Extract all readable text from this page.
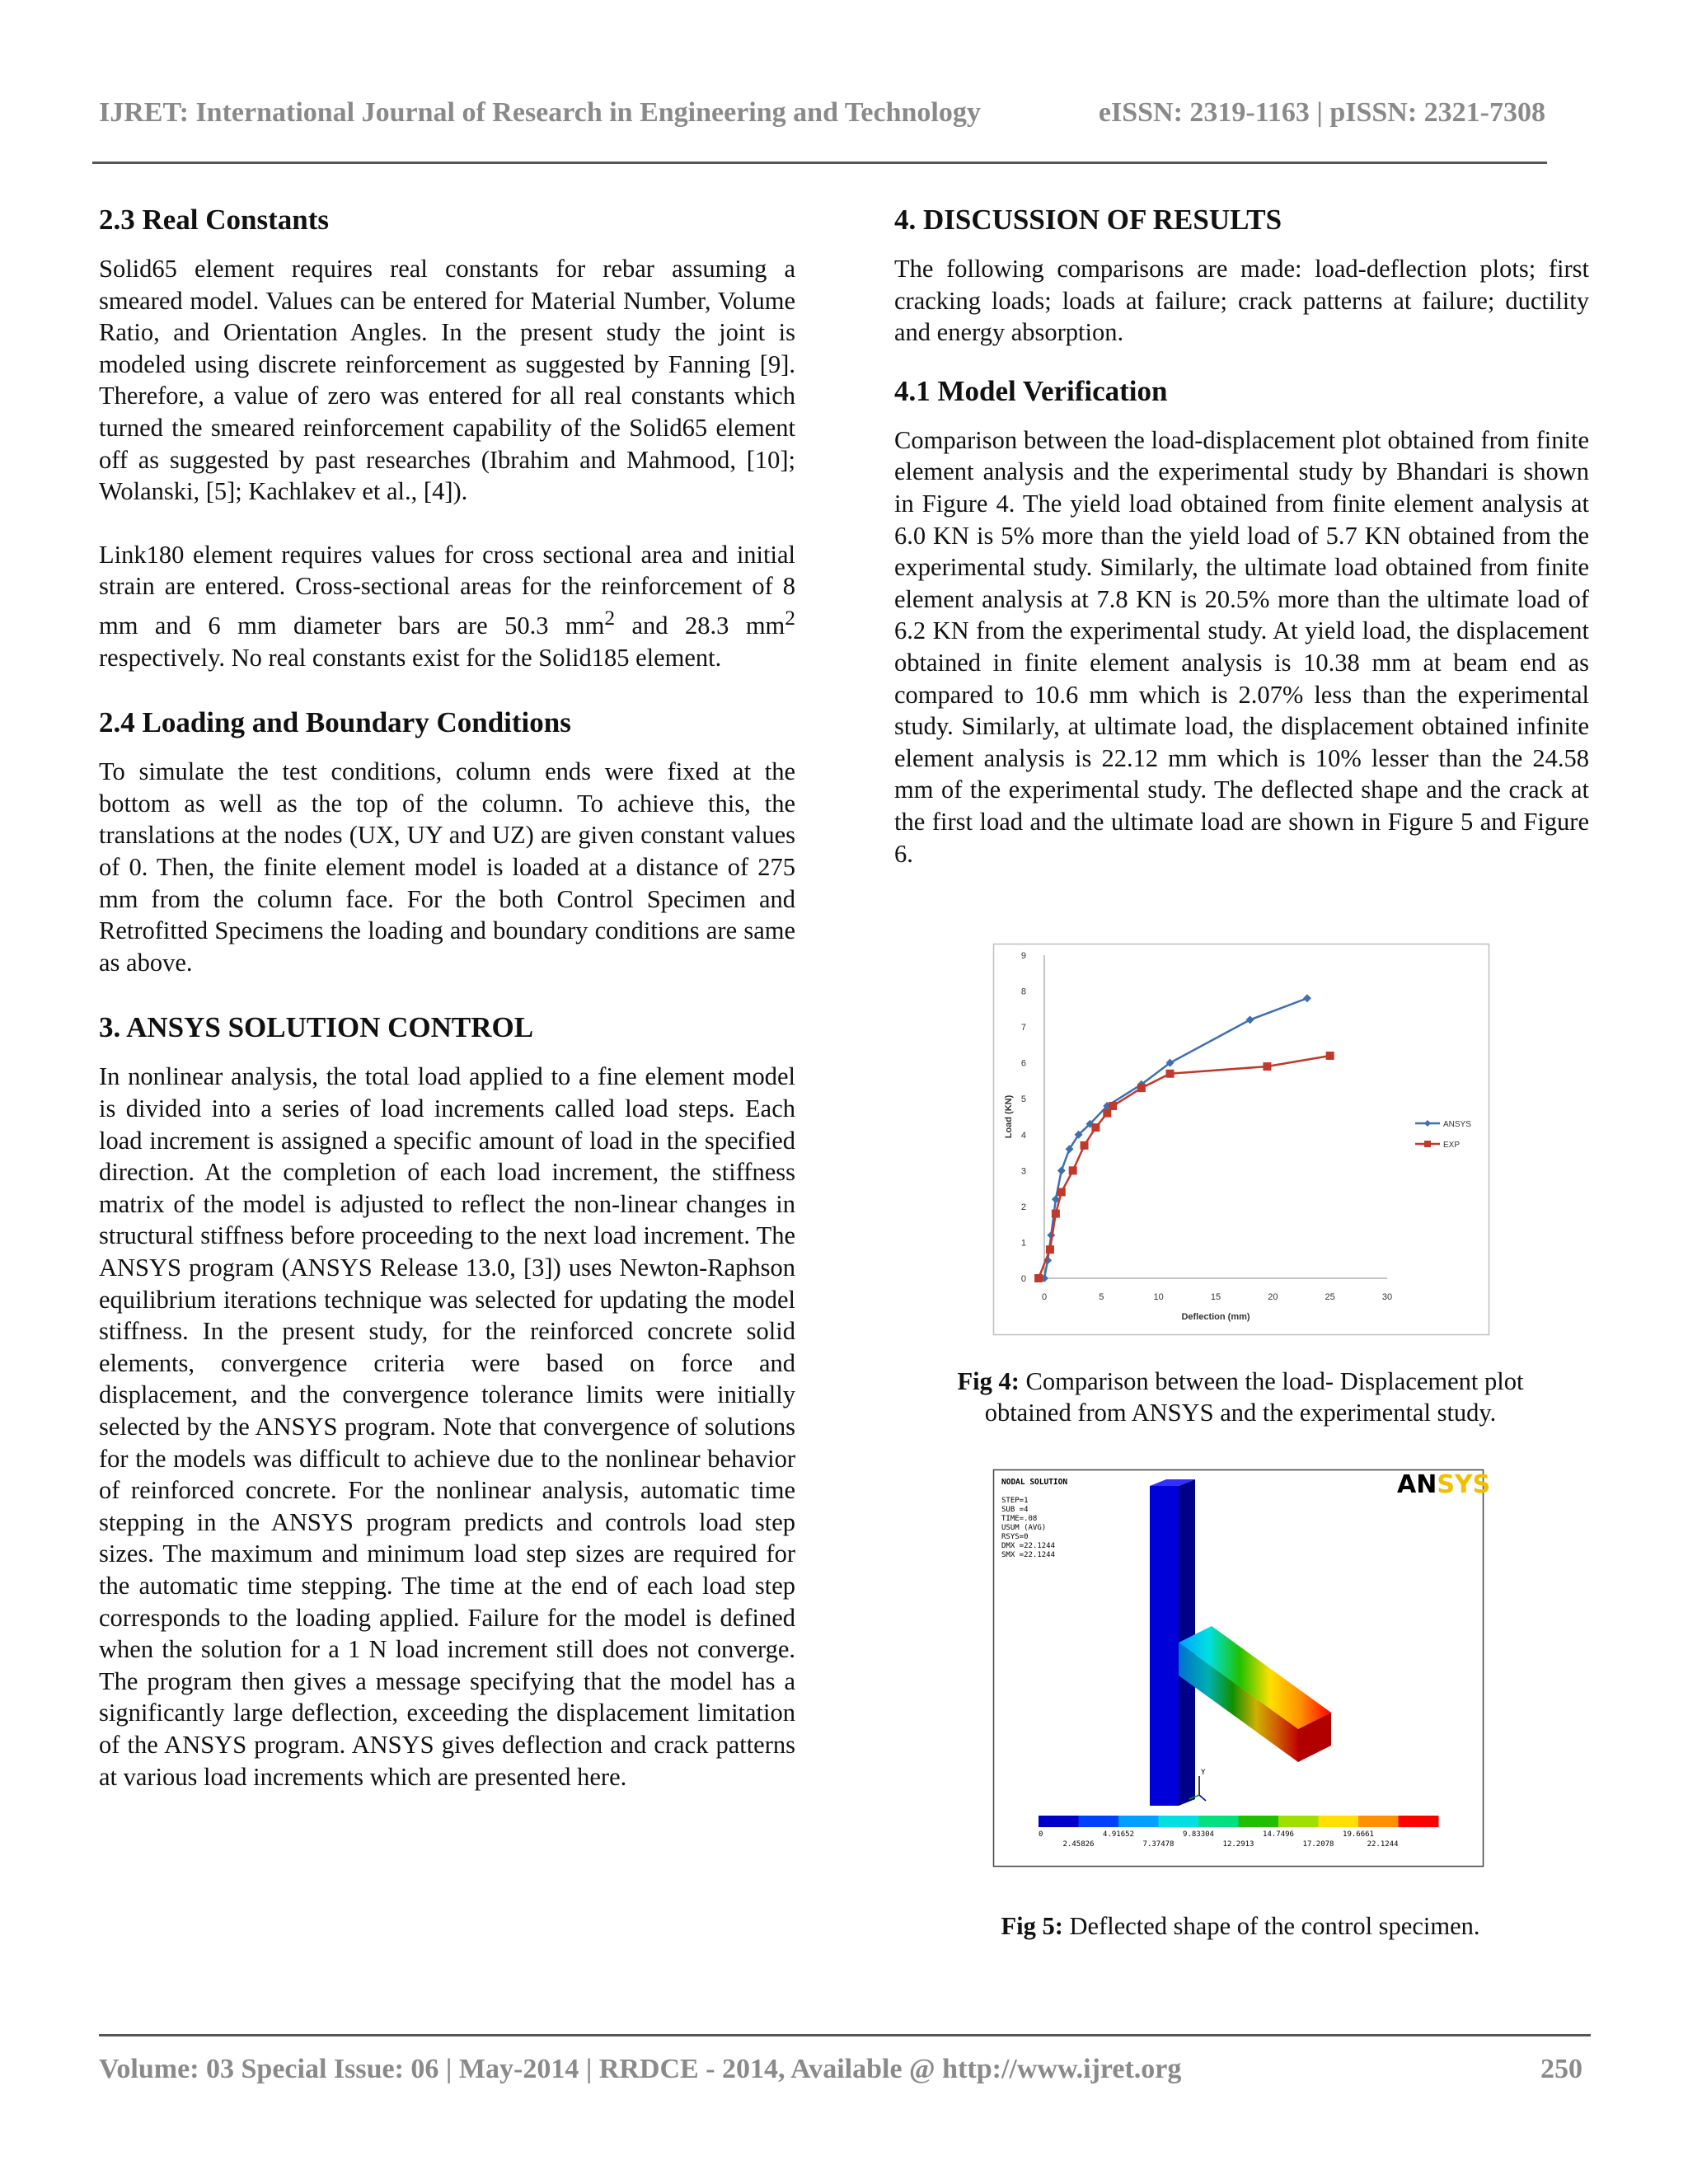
IJRET: International Journal of Research in Engineering and Technology	eISSN: 2319-1163 | pISSN: 2321-7308
2.3 Real Constants

Solid65 element requires real constants for rebar assuming a smeared model. Values can be entered for Material Number, Volume Ratio, and Orientation Angles. In the present study the joint is modeled using discrete reinforcement as suggested by Fanning [9]. Therefore, a value of zero was entered for all real constants which turned the smeared reinforcement capability of the Solid65 element off as suggested by past researches (Ibrahim and Mahmood, [10]; Wolanski, [5]; Kachlakev et al., [4]).

Link180 element requires values for cross sectional area and initial strain are entered. Cross-sectional areas for the reinforcement of 8 mm and 6 mm diameter bars are 50.3 $mm^2$ and 28.3 $mm^2$ respectively. No real constants exist for the Solid185 element.

2.4 Loading and Boundary Conditions

To simulate the test conditions, column ends were fixed at the bottom as well as the top of the column. To achieve this, the translations at the nodes (UX, UY and UZ) are given constant values of 0. Then, the finite element model is loaded at a distance of 275 mm from the column face. For the both Control Specimen and Retrofitted Specimens the loading and boundary conditions are same as above.

3. ANSYS SOLUTION CONTROL

In nonlinear analysis, the total load applied to a fine element model is divided into a series of load increments called load steps. Each load increment is assigned a specific amount of load in the specified direction. At the completion of each load increment, the stiffness matrix of the model is adjusted to reflect the non-linear changes in structural stiffness before proceeding to the next load increment. The ANSYS program (ANSYS Release 13.0, [3]) uses Newton-Raphson equilibrium iterations technique was selected for updating the model stiffness. In the present study, for the reinforced concrete solid elements, convergence criteria were based on force and displacement, and the convergence tolerance limits were initially selected by the ANSYS program. Note that convergence of solutions for the models was difficult to achieve due to the nonlinear behavior of reinforced concrete. For the nonlinear analysis, automatic time stepping in the ANSYS program predicts and controls load step sizes. The maximum and minimum load step sizes are required for the automatic time stepping. The time at the end of each load step corresponds to the loading applied. Failure for the model is defined when the solution for a 1 N load increment still does not converge. The program then gives a message specifying that the model has a significantly large deflection, exceeding the displacement limitation of the ANSYS program. ANSYS gives deflection and crack patterns at various load increments which are presented here.

4. DISCUSSION OF RESULTS

The following comparisons are made: load-deflection plots; first cracking loads; loads at failure; crack patterns at failure; ductility and energy absorption.

4.1 Model Verification

Comparison between the load-displacement plot obtained from finite element analysis and the experimental study by Bhandari is shown in Figure 4. The yield load obtained from finite element analysis at 6.0 KN is 5% more than the yield load of 5.7 KN obtained from the experimental study. Similarly, the ultimate load obtained from finite element analysis at 7.8 KN is 20.5% more than the ultimate load of 6.2 KN from the experimental study. At yield load, the displacement obtained in finite element analysis is 10.38 mm at beam end as compared to 10.6 mm which is 2.07% less than the experimental study. Similarly, at ultimate load, the displacement obtained infinite element analysis is 22.12 mm which is 10% lesser than the 24.58 mm of the experimental study. The deflected shape and the crack at the first load and the ultimate load are shown in Figure 5 and Figure 6.

0
1
2
3
4
5
6
7
8
9
0	5	10	15	20	25	30
Deflection (mm)
Load (KN)	ANSYS
EXP
Fig 4: Comparison between the load- Displacement plot obtained from ANSYS and the experimental study.
Y
NODAL SOLUTION
STEP=1
SUB =4
TIME=.08
USUM (AVG)
RSYS=0
DMX =22.1244
SMX =22.1244
ANSYS
0	4.91652	9.83304	14.7496	19.6661
2.45826	7.37478	12.2913	17.2078	22.1244
Fig 5: Deflected shape of the control specimen.
Volume: 03 Special Issue: 06 | May-2014 | RRDCE - 2014, Available @ http://www.ijret.org	250
